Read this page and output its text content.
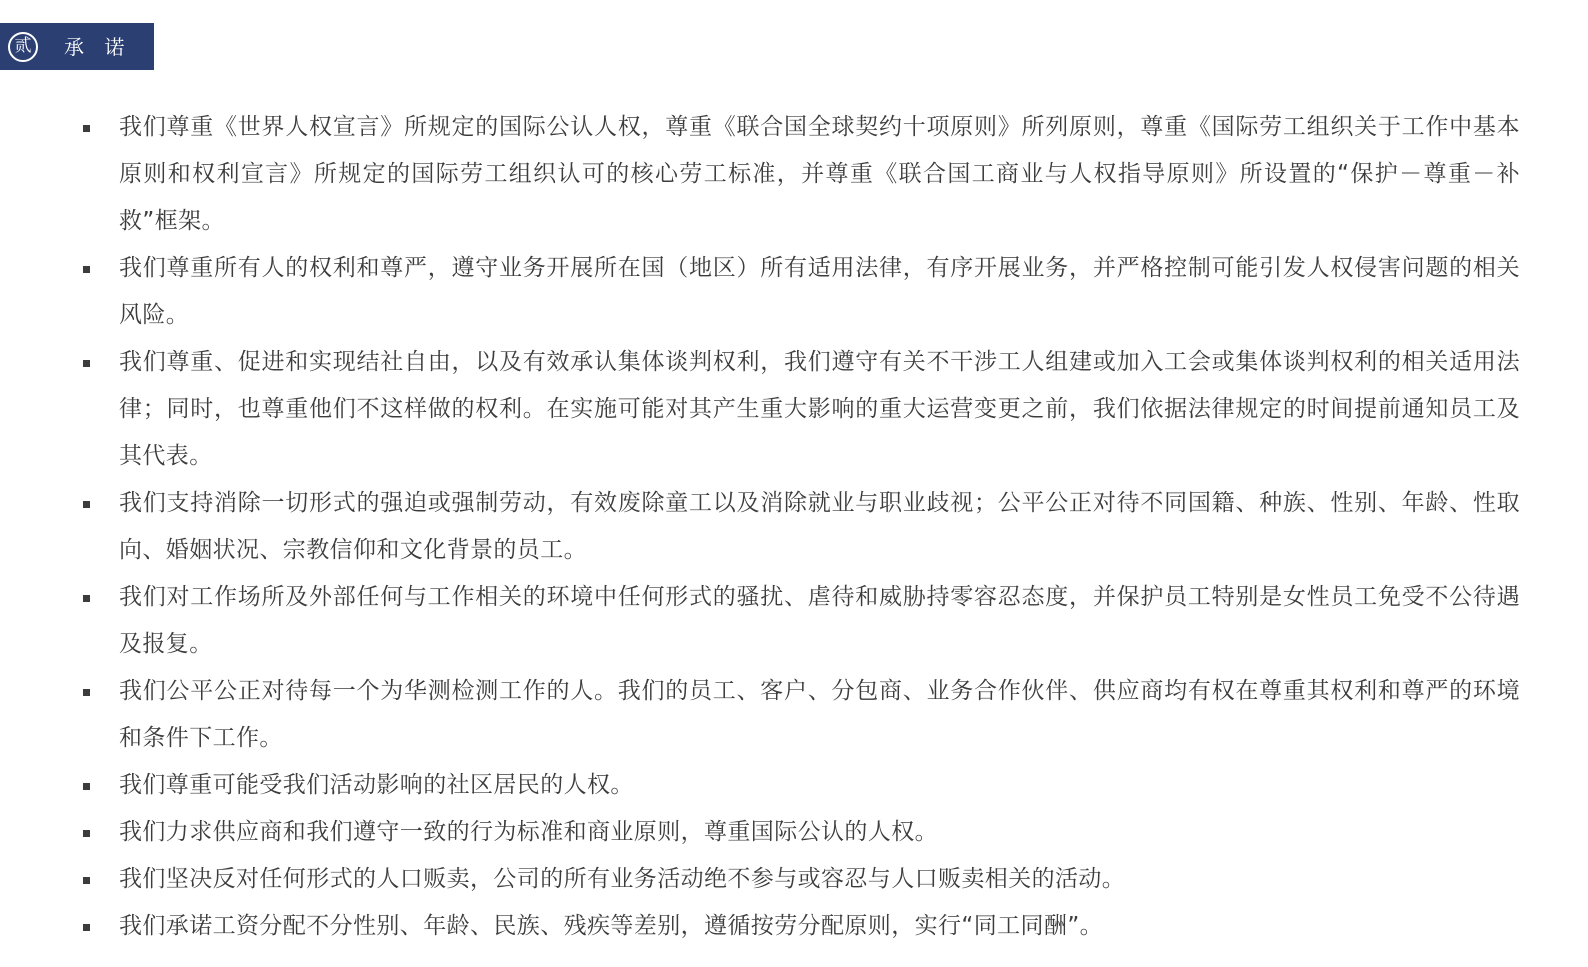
贰	承 诺
我们尊重《世界人权宣言》所规定的国际公认人权，尊重《联合国全球契约十项原则》所列原则，尊重《国际劳工组织关于工作中基本原则和权利宣言》所规定的国际劳工组织认可的核心劳工标准，并尊重《联合国工商业与人权指导原则》所设置的“保护－尊重－补救”框架。
我们尊重所有人的权利和尊严，遵守业务开展所在国（地区）所有适用法律，有序开展业务，并严格控制可能引发人权侵害问题的相关风险。
我们尊重、促进和实现结社自由，以及有效承认集体谈判权利，我们遵守有关不干涉工人组建或加入工会或集体谈判权利的相关适用法律；同时，也尊重他们不这样做的权利。在实施可能对其产生重大影响的重大运营变更之前，我们依据法律规定的时间提前通知员工及其代表。
我们支持消除一切形式的强迫或强制劳动，有效废除童工以及消除就业与职业歧视；公平公正对待不同国籍、种族、性别、年龄、性取向、婚姻状况、宗教信仰和文化背景的员工。
我们对工作场所及外部任何与工作相关的环境中任何形式的骚扰、虐待和威胁持零容忍态度，并保护员工特别是女性员工免受不公待遇及报复。
我们公平公正对待每一个为华测检测工作的人。我们的员工、客户、分包商、业务合作伙伴、供应商均有权在尊重其权利和尊严的环境和条件下工作。
我们尊重可能受我们活动影响的社区居民的人权。
我们力求供应商和我们遵守一致的行为标准和商业原则，尊重国际公认的人权。
我们坚决反对任何形式的人口贩卖，公司的所有业务活动绝不参与或容忍与人口贩卖相关的活动。
我们承诺工资分配不分性别、年龄、民族、残疾等差别，遵循按劳分配原则，实行“同工同酬”。
